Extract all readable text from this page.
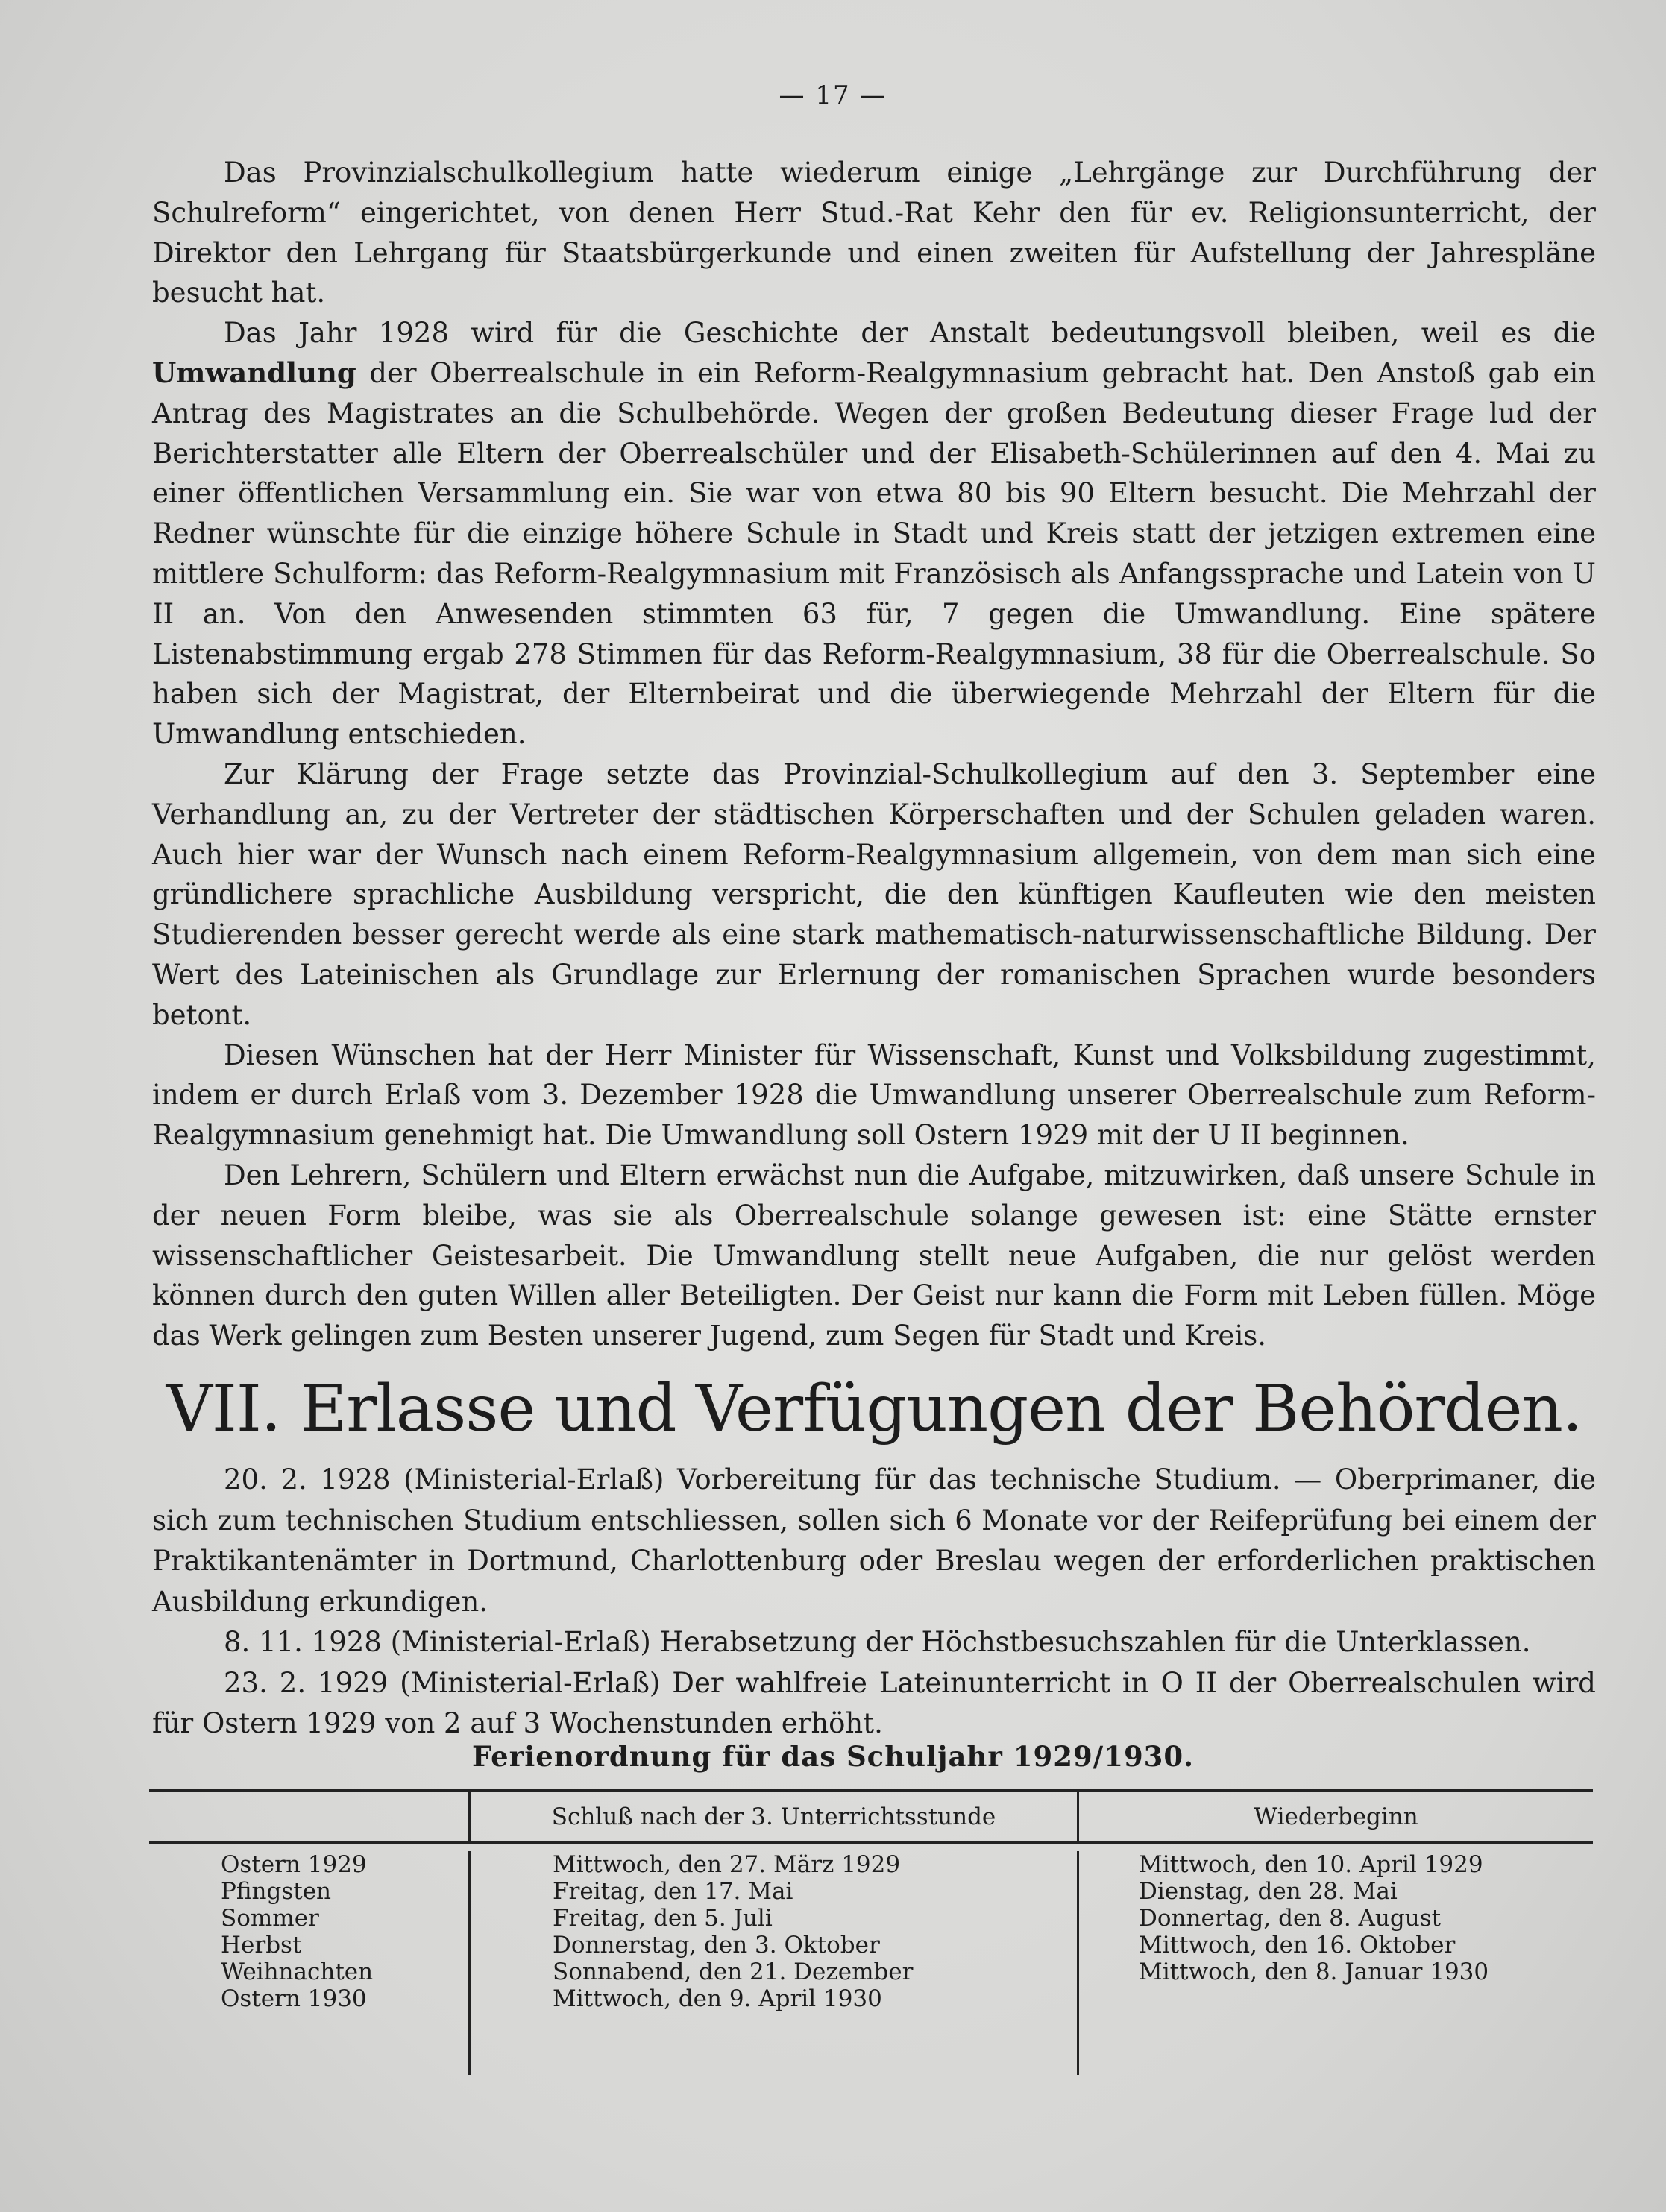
— 17 —

Das Provinzialschulkollegium hatte wiederum einige „Lehrgänge zur Durchführung der Schulreform“ eingerichtet, von denen Herr Stud.-Rat Kehr den für ev. Religionsunterricht, der Direktor den Lehrgang für Staatsbürgerkunde und einen zweiten für Aufstellung der Jahrespläne besucht hat.

Das Jahr 1928 wird für die Geschichte der Anstalt bedeutungsvoll bleiben, weil es die Umwandlung der Oberrealschule in ein Reform-Realgymnasium gebracht hat. Den Anstoß gab ein Antrag des Magistrates an die Schulbehörde. Wegen der großen Bedeutung dieser Frage lud der Berichterstatter alle Eltern der Oberrealschüler und der Elisabeth-Schülerinnen auf den 4. Mai zu einer öffentlichen Versammlung ein. Sie war von etwa 80 bis 90 Eltern besucht. Die Mehrzahl der Redner wünschte für die einzige höhere Schule in Stadt und Kreis statt der jetzigen extremen eine mittlere Schulform: das Reform-Realgymnasium mit Französisch als Anfangssprache und Latein von U II an. Von den Anwesenden stimmten 63 für, 7 gegen die Umwandlung. Eine spätere Listenabstimmung ergab 278 Stimmen für das Reform-Realgymnasium, 38 für die Oberrealschule. So haben sich der Magistrat, der Elternbeirat und die überwiegende Mehrzahl der Eltern für die Umwandlung entschieden.

Zur Klärung der Frage setzte das Provinzial-Schulkollegium auf den 3. September eine Verhandlung an, zu der Vertreter der städtischen Körperschaften und der Schulen geladen waren. Auch hier war der Wunsch nach einem Reform-Realgymnasium allgemein, von dem man sich eine gründlichere sprachliche Ausbildung verspricht, die den künftigen Kaufleuten wie den meisten Studierenden besser gerecht werde als eine stark mathematisch-naturwissenschaftliche Bildung. Der Wert des Lateinischen als Grundlage zur Erlernung der romanischen Sprachen wurde besonders betont.

Diesen Wünschen hat der Herr Minister für Wissenschaft, Kunst und Volksbildung zugestimmt, indem er durch Erlaß vom 3. Dezember 1928 die Umwandlung unserer Oberrealschule zum Reform-Realgymnasium genehmigt hat. Die Umwandlung soll Ostern 1929 mit der U II beginnen.

Den Lehrern, Schülern und Eltern erwächst nun die Aufgabe, mitzuwirken, daß unsere Schule in der neuen Form bleibe, was sie als Oberrealschule solange gewesen ist: eine Stätte ernster wissenschaftlicher Geistesarbeit. Die Umwandlung stellt neue Aufgaben, die nur gelöst werden können durch den guten Willen aller Beteiligten. Der Geist nur kann die Form mit Leben füllen. Möge das Werk gelingen zum Besten unserer Jugend, zum Segen für Stadt und Kreis.

VII. Erlasse und Verfügungen der Behörden.

20. 2. 1928 (Ministerial-Erlaß) Vorbereitung für das technische Studium. — Oberprimaner, die sich zum technischen Studium entschliessen, sollen sich 6 Monate vor der Reifeprüfung bei einem der Praktikantenämter in Dortmund, Charlottenburg oder Breslau wegen der erforderlichen praktischen Ausbildung erkundigen.

8. 11. 1928 (Ministerial-Erlaß) Herabsetzung der Höchstbesuchszahlen für die Unterklassen.

23. 2. 1929 (Ministerial-Erlaß) Der wahlfreie Lateinunterricht in O II der Oberrealschulen wird für Ostern 1929 von 2 auf 3 Wochenstunden erhöht.

Ferienordnung für das Schuljahr 1929/1930.
Schluß nach der 3. Unterrichtsstunde	Wiederbeginn
Ostern 1929
Pfingsten
Sommer
Herbst
Weihnachten
Ostern 1930
Mittwoch, den 27. März 1929
Freitag, den 17. Mai
Freitag, den 5. Juli
Donnerstag, den 3. Oktober
Sonnabend, den 21. Dezember
Mittwoch, den 9. April 1930
Mittwoch, den 10. April 1929
Dienstag, den 28. Mai
Donnertag, den 8. August
Mittwoch, den 16. Oktober
Mittwoch, den 8. Januar 1930
